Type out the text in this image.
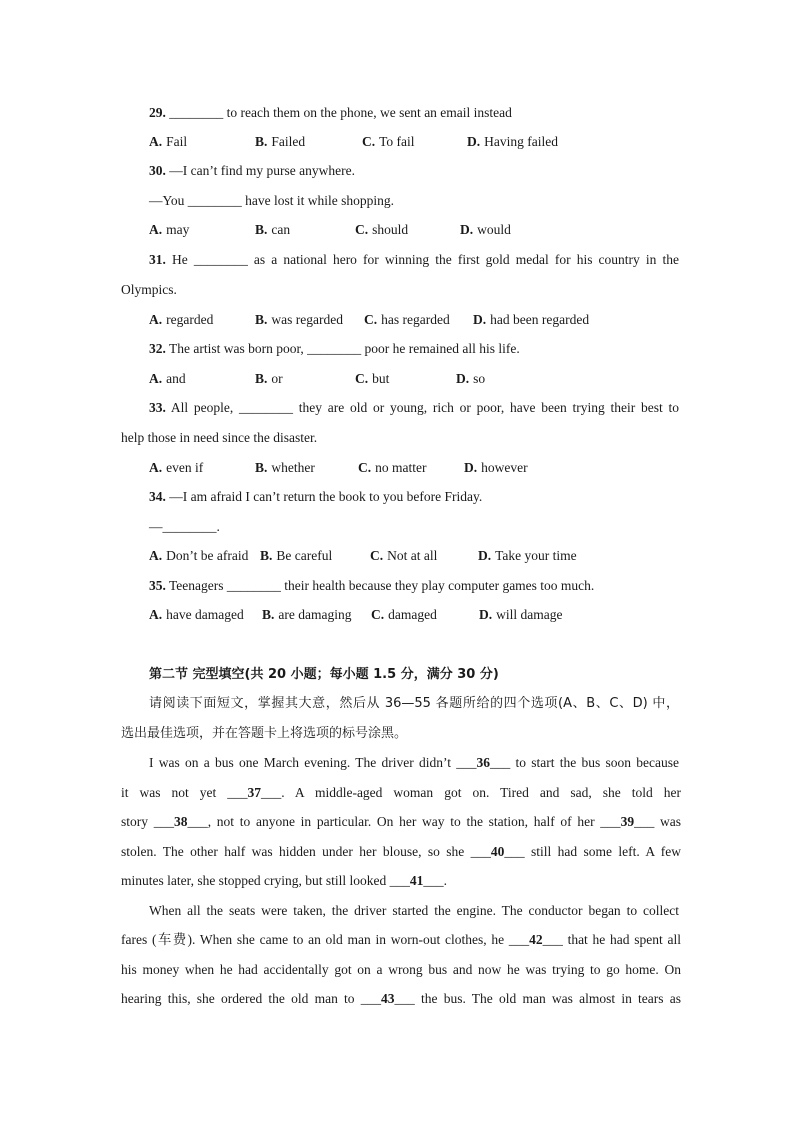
29. ________ to reach them on the phone, we sent an email instead
A. Fail	B. Failed	C. To fail	D. Having failed
30. —I can’t find my purse anywhere.
—You ________ have lost it while shopping.
A. may	B. can	C. should	D. would
31. He ________ as a national hero for winning the first gold medal for his country in the
Olympics.
A. regarded	B. was regarded C. has regarded D. had been regarded
32. The artist was born poor, ________ poor he remained all his life.
A. and	B. or	C. but	D. so
33. All people, ________ they are old or young, rich or poor, have been trying their best to
help those in need since the disaster.
A. even if	B. whether	C. no matter	D. however
34. —I am afraid I can’t return the book to you before Friday.
—________.
A. Don’t be afraid B. Be careful	C. Not at all	D. Take your time
35. Teenagers ________ their health because they play computer games too much.
A. have damaged B. are damaging C. damaged	D. will damage
第二节 完型填空(共 20 小题；每小题 1.5 分，满分 30 分)
请阅读下面短文，掌握其大意，然后从 36—55 各题所给的四个选项(A、B、C、D) 中，
选出最佳选项，并在答题卡上将选项的标号涂黑。
I was on a bus one March evening. The driver didn’t ___36___ to start the bus soon because
it was not yet ___37___. A middle-aged woman got on. Tired and sad, she told her
story ___38___, not to anyone in particular. On her way to the station, half of her ___39___ was
stolen. The other half was hidden under her blouse, so she ___40___ still had some left. A few
minutes later, she stopped crying, but still looked ___41___.
When all the seats were taken, the driver started the engine. The conductor began to collect
fares (车费). When she came to an old man in worn-out clothes, he ___42___ that he had spent all
his money when he had accidentally got on a wrong bus and now he was trying to go home. On
hearing this, she ordered the old man to ___43___ the bus. The old man was almost in tears as
